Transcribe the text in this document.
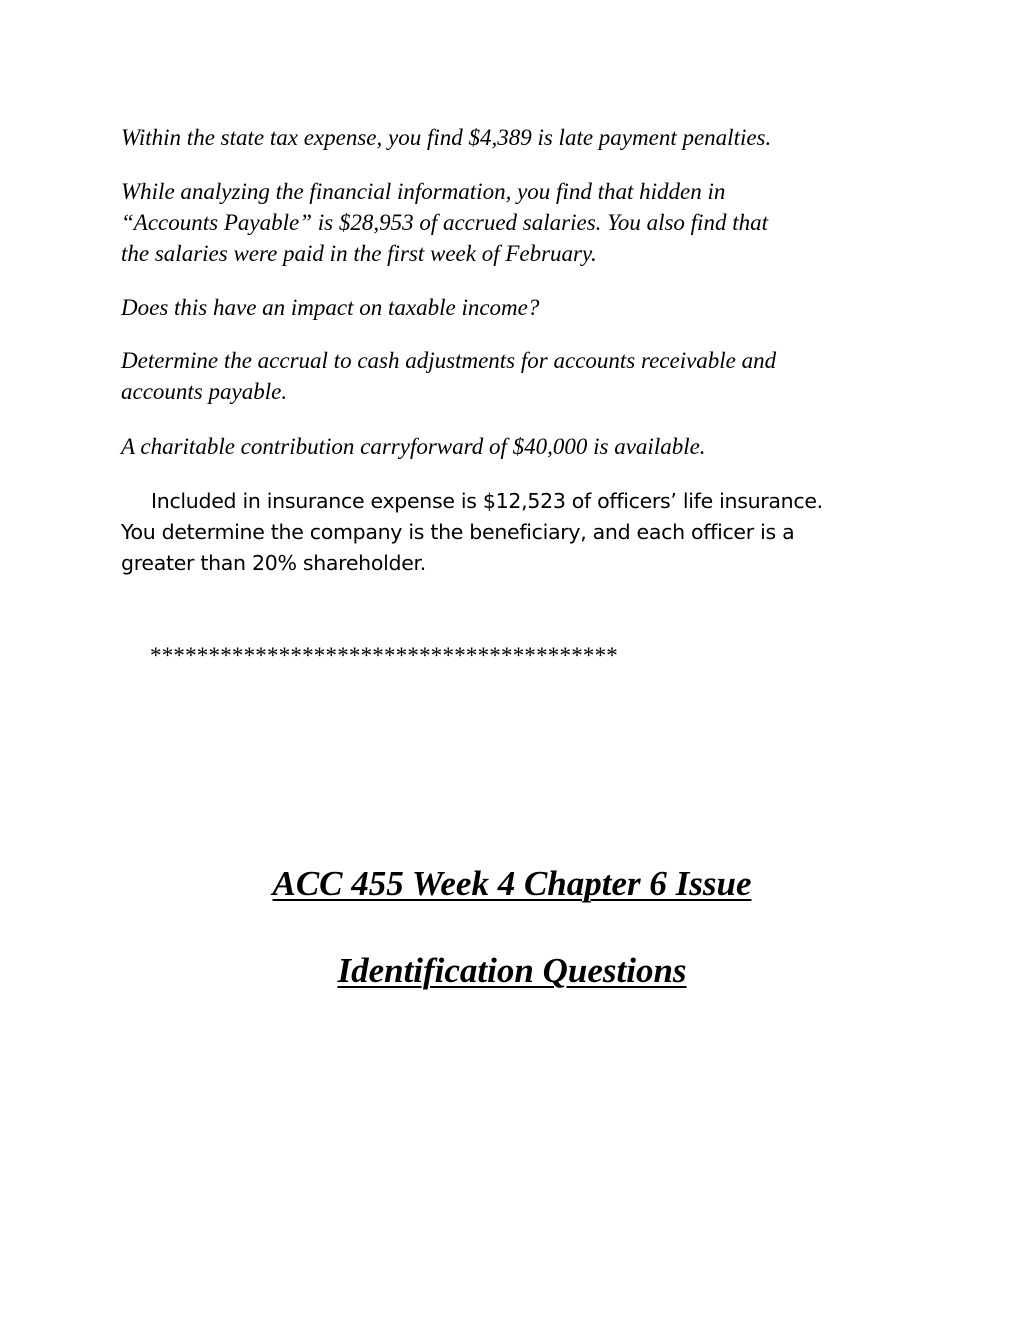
Within the state tax expense, you find $4,389 is late payment penalties.

While analyzing the financial information, you find that hidden in
“Accounts Payable” is $28,953 of accrued salaries. You also find that
the salaries were paid in the first week of February.

Does this have an impact on taxable income?

Determine the accrual to cash adjustments for accounts receivable and
accounts payable.

A charitable contribution carryforward of $40,000 is available.

Included in insurance expense is $12,523 of officers’ life insurance.
You determine the company is the beneficiary, and each officer is a
greater than 20% shareholder.

****************************************

ACC 455 Week 4 Chapter 6 Issue
Identification Questions
